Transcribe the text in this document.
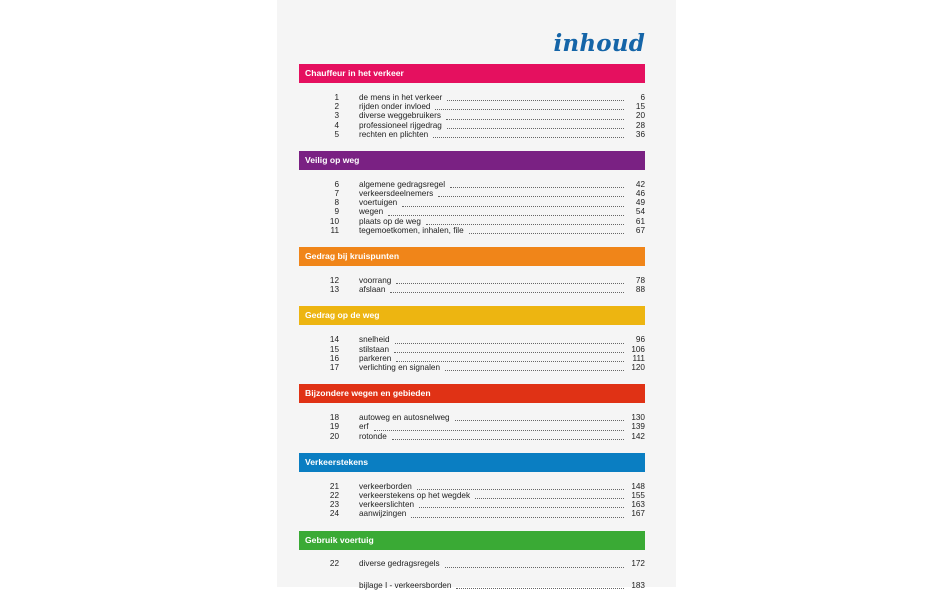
inhoud
Chauffeur in het verkeer
1	de mens in het verkeer	6
2	rijden onder invloed	15
3	diverse weggebruikers	20
4	professioneel rijgedrag	28
5	rechten en plichten	36
Veilig op weg
6	algemene gedragsregel	42
7	verkeersdeelnemers	46
8	voertuigen	49
9	wegen	54
10	plaats op de weg	61
11	tegemoetkomen, inhalen, file	67
Gedrag bij kruispunten
12	voorrang	78
13	afslaan	88
Gedrag op de weg
14	snelheid	96
15	stilstaan	106
16	parkeren	111
17	verlichting en signalen	120
Bijzondere wegen en gebieden
18	autoweg en autosnelweg	130
19	erf	139
20	rotonde	142
Verkeerstekens
21	verkeerborden	148
22	verkeerstekens op het wegdek	155
23	verkeerslichten	163
24	aanwijzingen	167
Gebruik voertuig
22	diverse gedragsregels	172
bijlage I - verkeersborden	183
